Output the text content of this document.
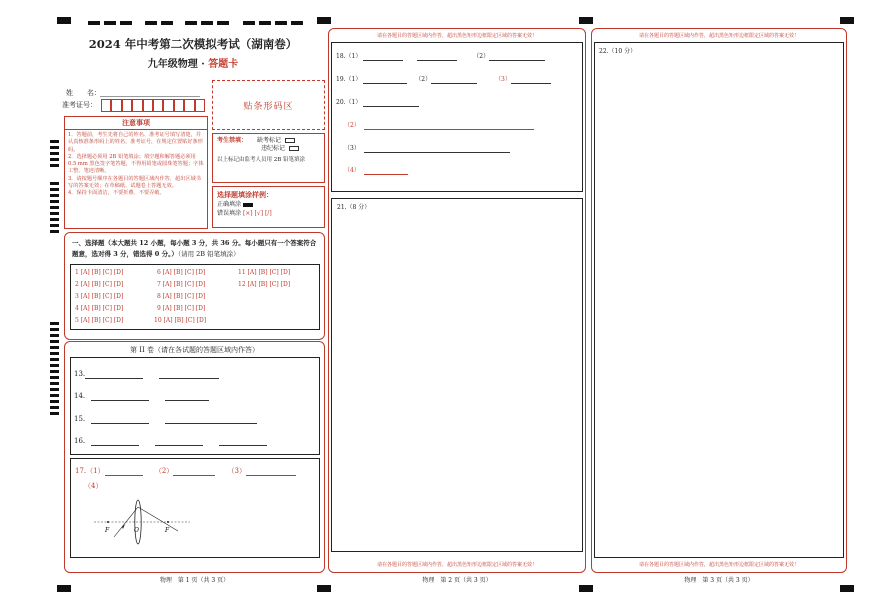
2024 年中考第二次模拟考试（湖南卷）
九年级物理 · 答题卡
姓　　名：
准考证号：	贴条形码区
注意事项
1．答题前，考生先将自己的姓名、准考证号填写清楚，并认真核准条形码上的姓名、准考证号，在规定位置贴好条形码。
2．选择题必须用 2B 铅笔填涂；填空题和解答题必须用 0.5 mm 黑色签字笔答题，不得用铅笔或圆珠笔答题；字体工整、笔迹清晰。
3．请按题号顺序在各题目的答题区域内作答，超出区域书写的答案无效；在草稿纸、试题卷上答题无效。
4．保持卡面清洁，不要折叠、不要弄破。
考生禁填： 缺考标记
违纪标记
以上标记由监考人员用 2B 铅笔填涂
选择题填涂样例：
正确填涂
错误填涂 [×] [√] [/]
一、选择题（本大题共 12 小题，每小题 3 分，共 36 分。每小题只有一个答案符合题意，选对得 3 分，错选得 0 分。）（请用 2B 铅笔填涂）
1 [A] [B] [C] [D]
2 [A] [B] [C] [D]
3 [A] [B] [C] [D]
4 [A] [B] [C] [D]
5 [A] [B] [C] [D]
6 [A] [B] [C] [D]
7 [A] [B] [C] [D]
8 [A] [B] [C] [D]
9 [A] [B] [C] [D]
10 [A] [B] [C] [D]
11 [A] [B] [C] [D]
12 [A] [B] [C] [D]
第 II 卷（请在各试题的答题区域内作答）
13.
14.
15.
16.
17.（1）	（2）	（3）
（4）
F	O	F
物理　第 1 页（共 3 页）
请在各题目的答题区域内作答，超出黑色矩形边框限定区域的答案无效！
18.（1）	（2）
19.（1）	（2）	（3）
20.（1）
（2）
（3）
（4）
21.（8 分）
请在各题目的答题区域内作答，超出黑色矩形边框限定区域的答案无效！
物理　第 2 页（共 3 页）
请在各题目的答题区域内作答，超出黑色矩形边框限定区域的答案无效！
22.（10 分）
请在各题目的答题区域内作答，超出黑色矩形边框限定区域的答案无效！
物理　第 3 页（共 3 页）
